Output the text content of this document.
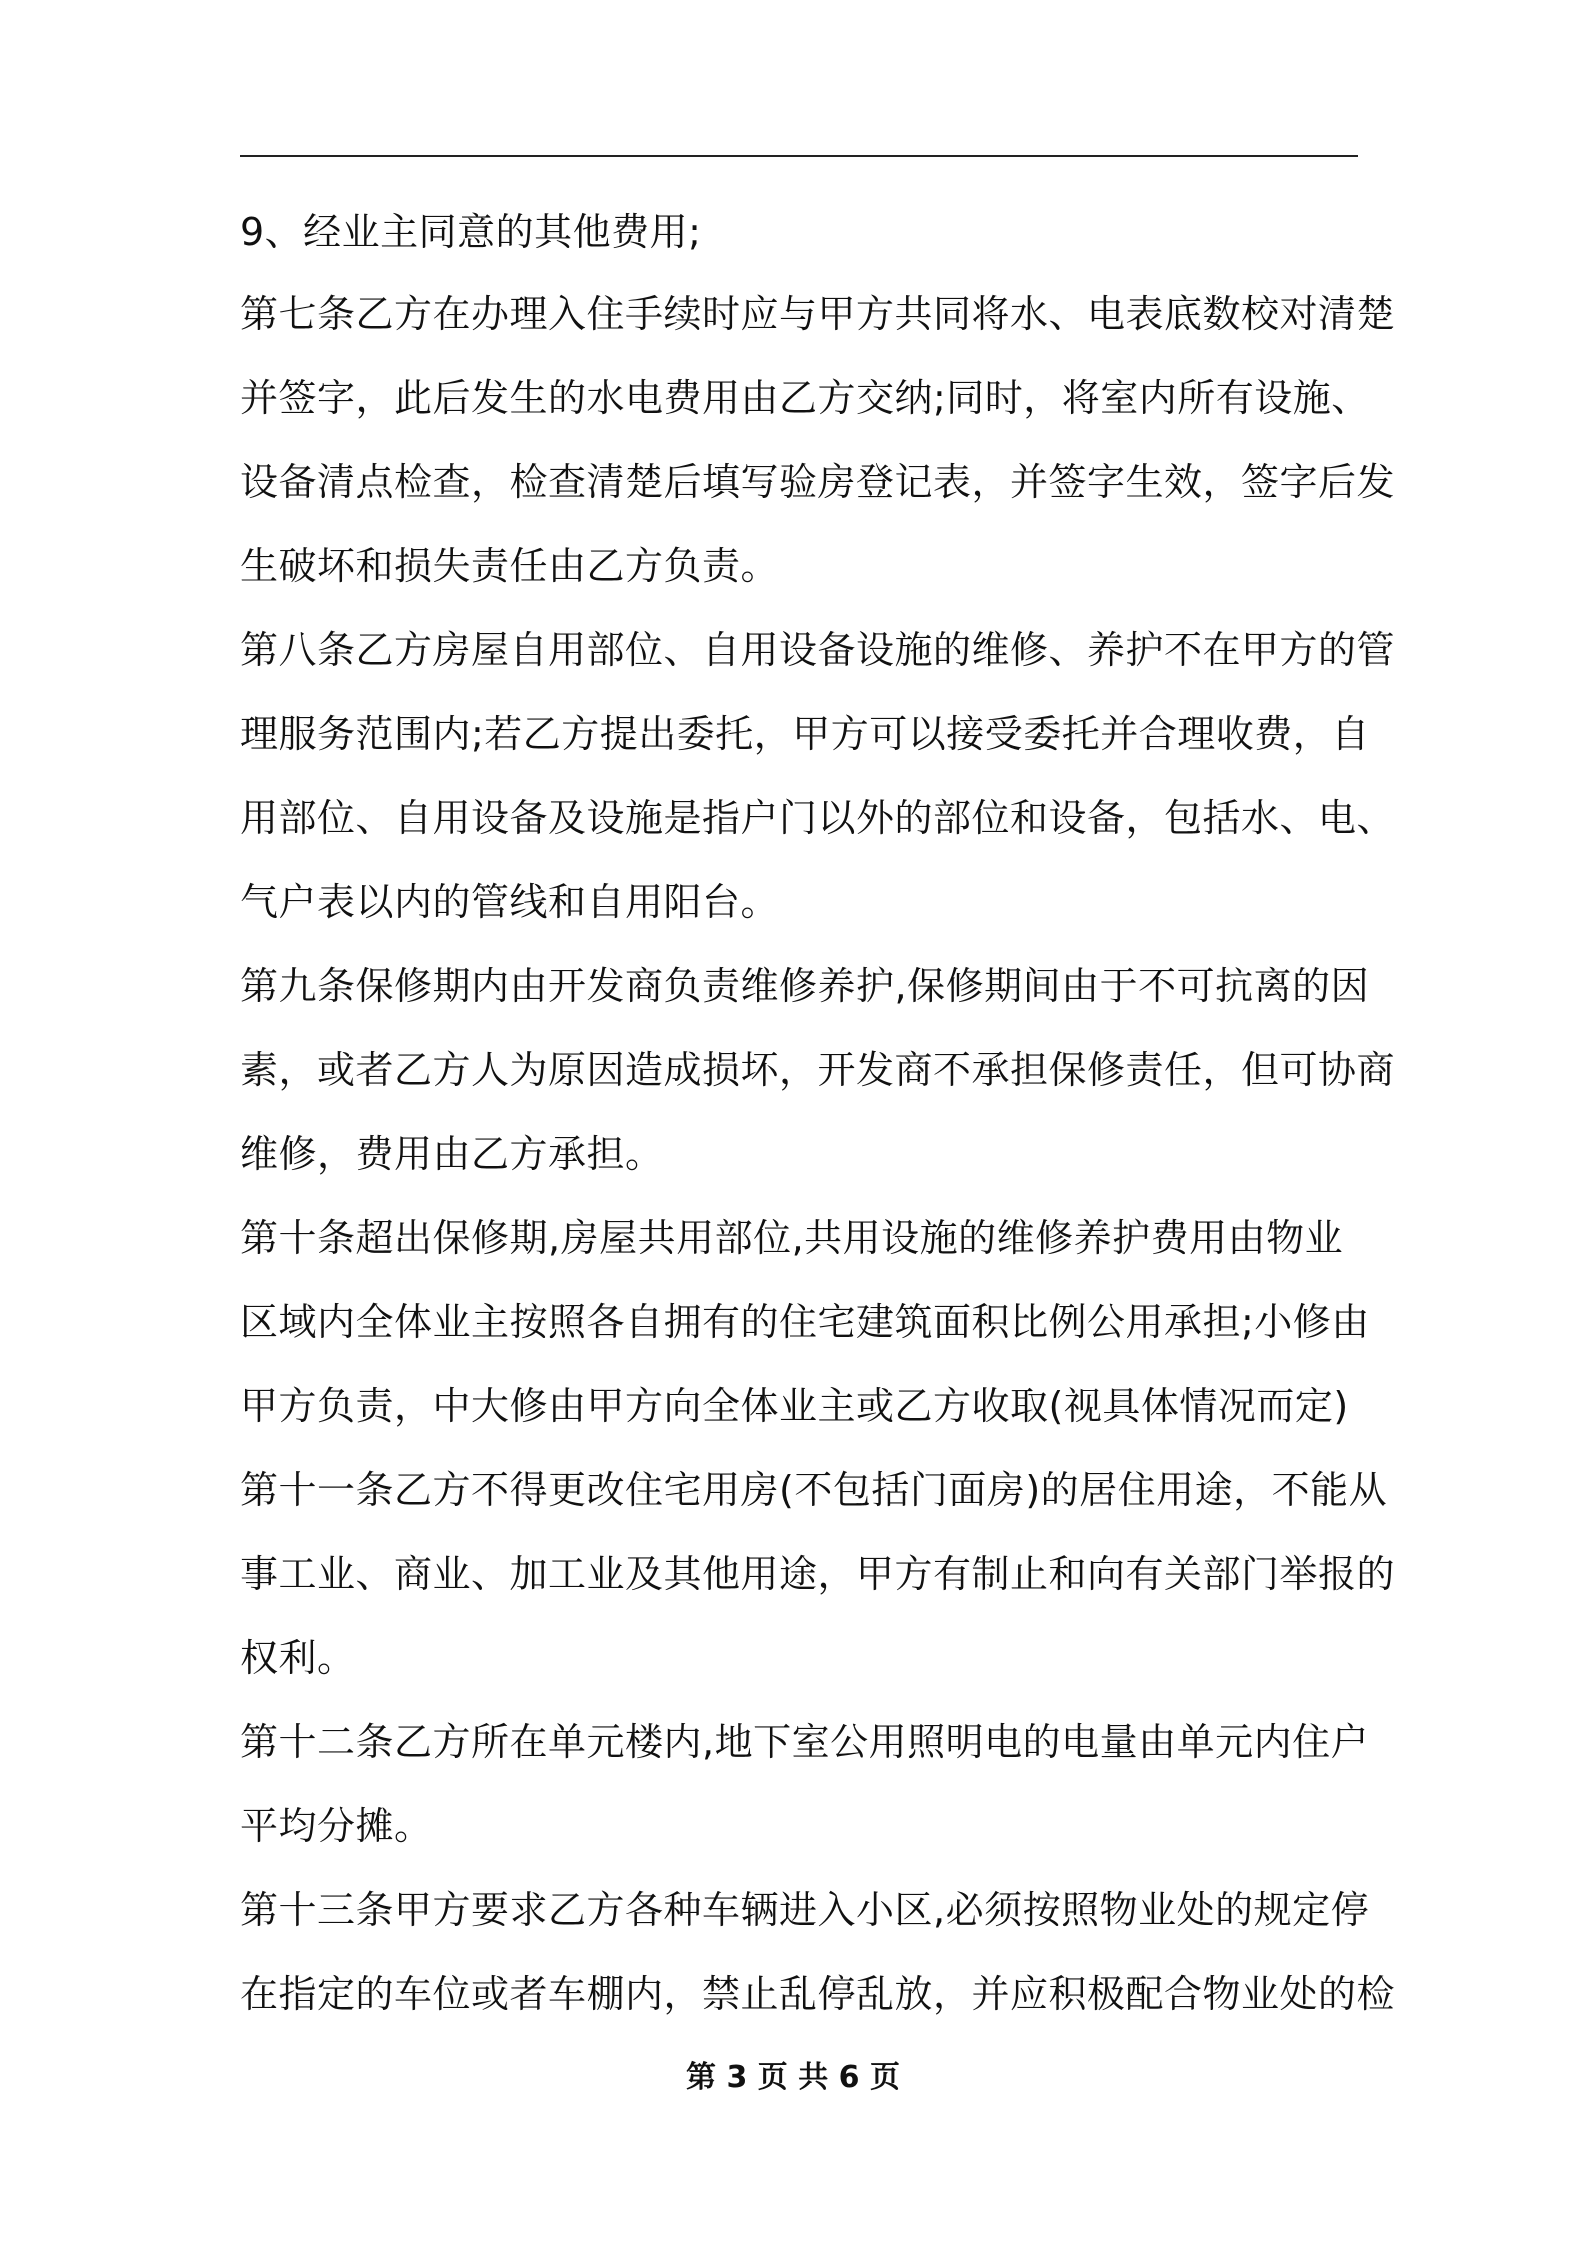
9、经业主同意的其他费用;
第七条乙方在办理入住手续时应与甲方共同将水、电表底数校对清楚
并签字，此后发生的水电费用由乙方交纳;同时，将室内所有设施、
设备清点检查，检查清楚后填写验房登记表，并签字生效，签字后发
生破坏和损失责任由乙方负责。
第八条乙方房屋自用部位、自用设备设施的维修、养护不在甲方的管
理服务范围内;若乙方提出委托，甲方可以接受委托并合理收费，自
用部位、自用设备及设施是指户门以外的部位和设备，包括水、电、
气户表以内的管线和自用阳台。
第九条保修期内由开发商负责维修养护,保修期间由于不可抗离的因
素，或者乙方人为原因造成损坏，开发商不承担保修责任，但可协商
维修，费用由乙方承担。
第十条超出保修期,房屋共用部位,共用设施的维修养护费用由物业
区域内全体业主按照各自拥有的住宅建筑面积比例公用承担;小修由
甲方负责，中大修由甲方向全体业主或乙方收取(视具体情况而定)
第十一条乙方不得更改住宅用房(不包括门面房)的居住用途，不能从
事工业、商业、加工业及其他用途，甲方有制止和向有关部门举报的
权利。
第十二条乙方所在单元楼内,地下室公用照明电的电量由单元内住户
平均分摊。
第十三条甲方要求乙方各种车辆进入小区,必须按照物业处的规定停
在指定的车位或者车棚内，禁止乱停乱放，并应积极配合物业处的检
第 3 页 共 6 页
